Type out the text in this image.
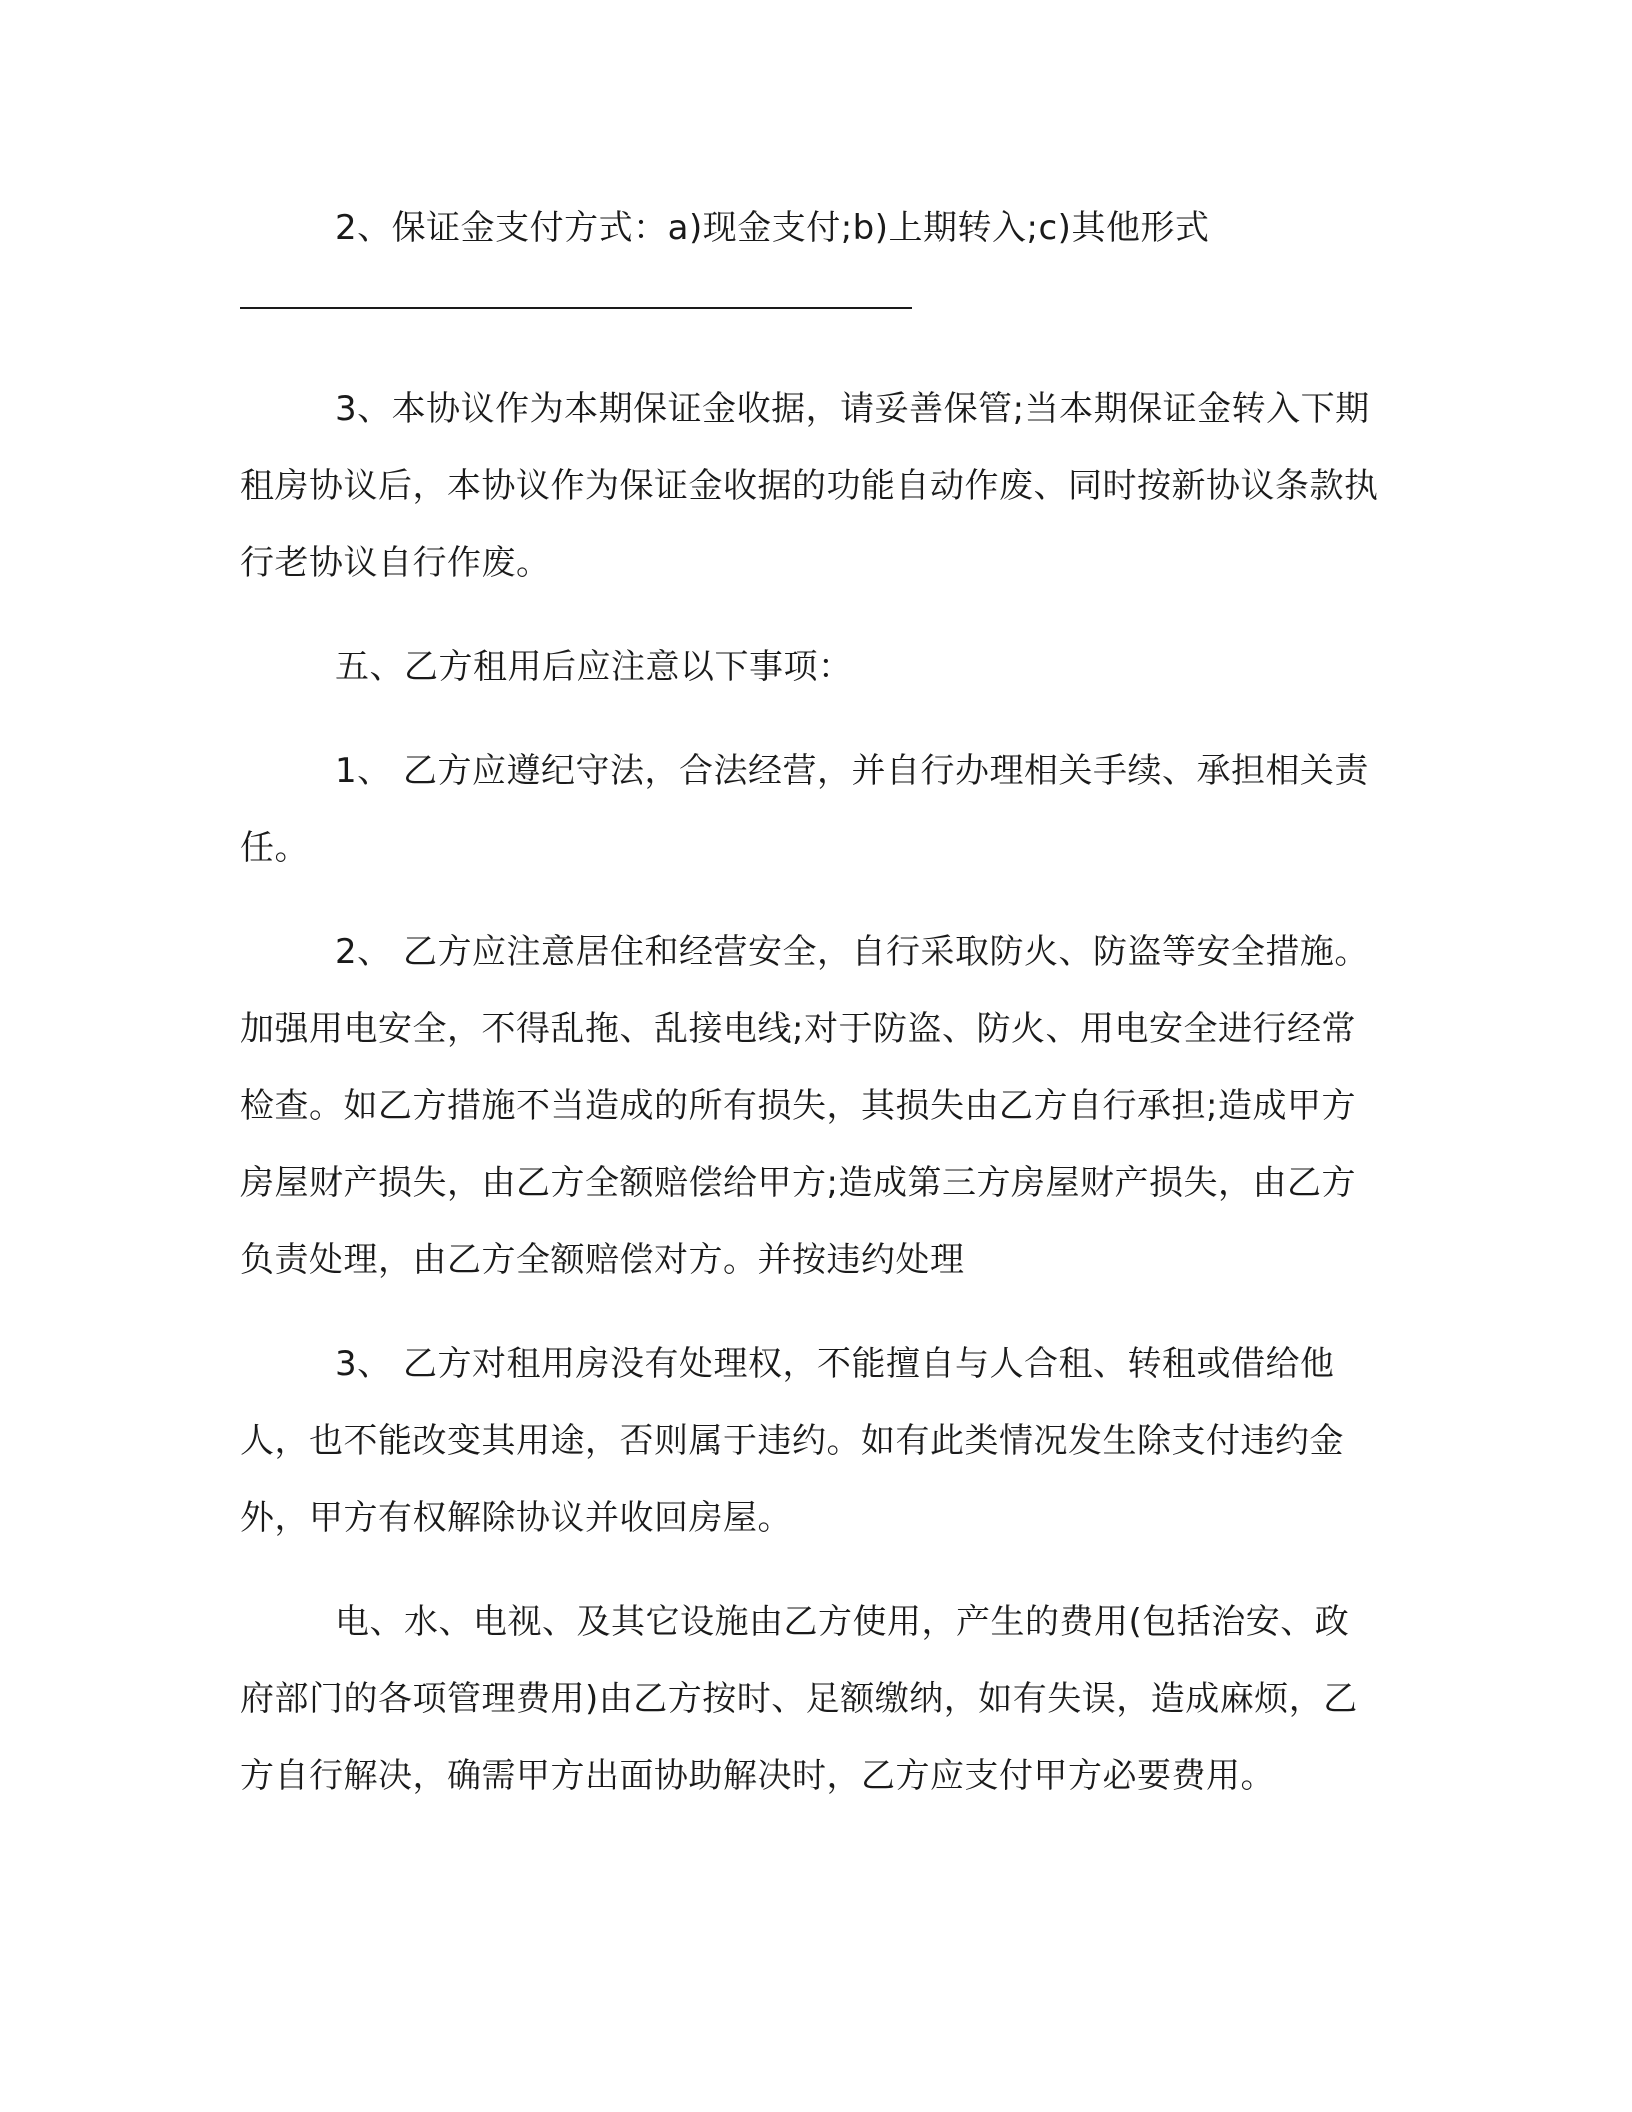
2、保证金支付方式：a)现金支付;b)上期转入;c)其他形式

3、本协议作为本期保证金收据，请妥善保管;当本期保证金转入下期租房协议后，本协议作为保证金收据的功能自动作废、同时按新协议条款执行老协议自行作废。

五、乙方租用后应注意以下事项：

1、 乙方应遵纪守法，合法经营，并自行办理相关手续、承担相关责任。

2、 乙方应注意居住和经营安全，自行采取防火、防盗等安全措施。加强用电安全，不得乱拖、乱接电线;对于防盗、防火、用电安全进行经常检查。如乙方措施不当造成的所有损失，其损失由乙方自行承担;造成甲方房屋财产损失，由乙方全额赔偿给甲方;造成第三方房屋财产损失，由乙方负责处理，由乙方全额赔偿对方。并按违约处理

3、 乙方对租用房没有处理权，不能擅自与人合租、转租或借给他人，也不能改变其用途，否则属于违约。如有此类情况发生除支付违约金外，甲方有权解除协议并收回房屋。

电、水、电视、及其它设施由乙方使用，产生的费用(包括治安、政府部门的各项管理费用)由乙方按时、足额缴纳，如有失误，造成麻烦，乙方自行解决，确需甲方出面协助解决时，乙方应支付甲方必要费用。
